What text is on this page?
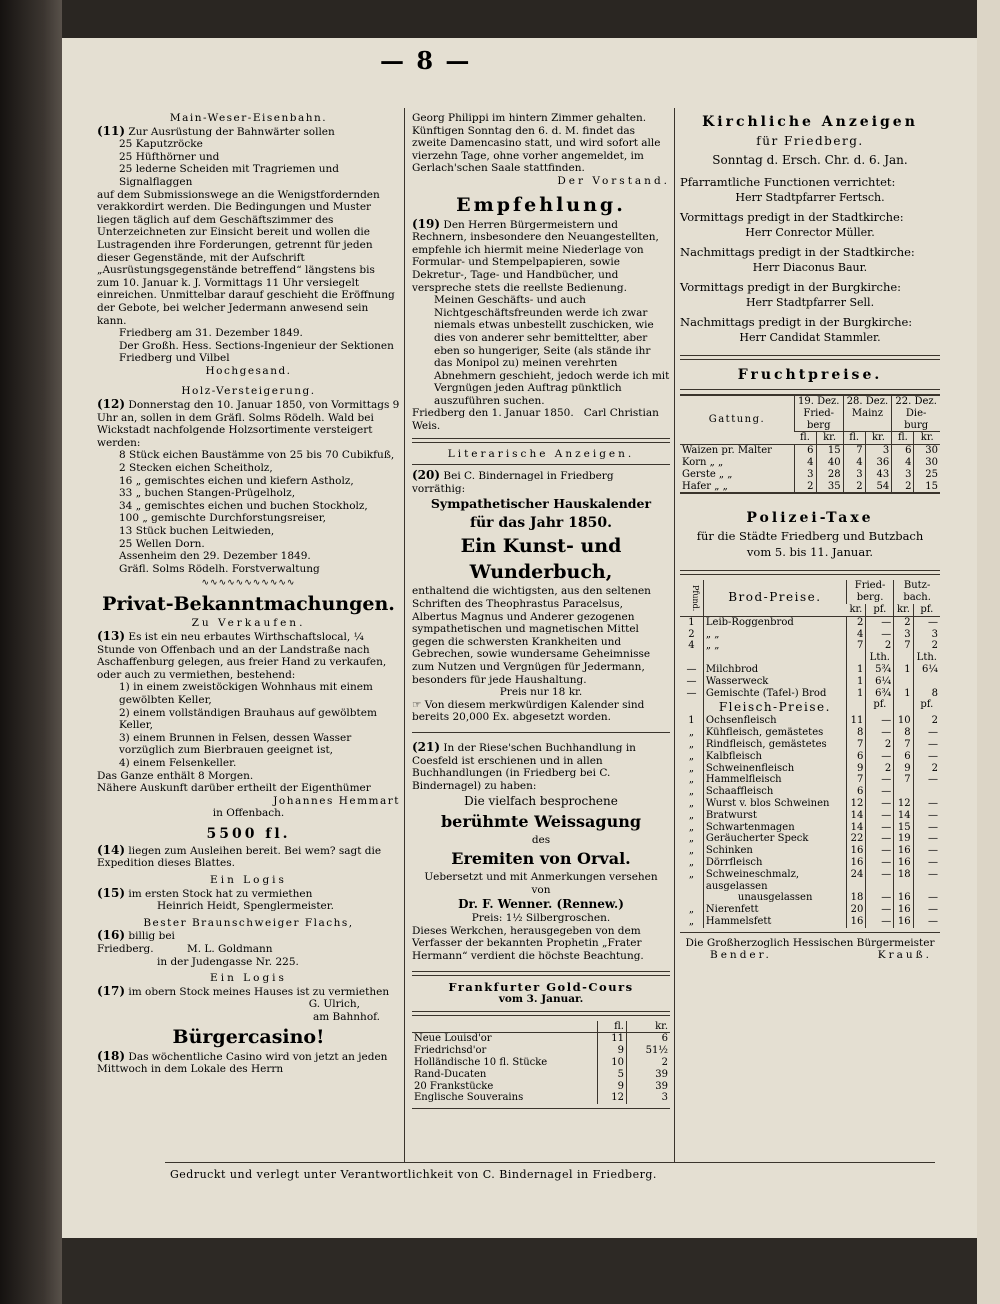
— 8 —

Main-Weser-Eisenbahn.

(11) Zur Ausrüstung der Bahnwärter sollen

25 Kaputzröcke

25 Hüfthörner und

25 lederne Scheiden mit Tragriemen und Signalflaggen

auf dem Submissionswege an die Wenigstfordernden verakkordirt werden. Die Bedingungen und Muster liegen täglich auf dem Geschäftszimmer des Unterzeichneten zur Einsicht bereit und wollen die Lustragenden ihre Forderungen, getrennt für jeden dieser Gegenstände, mit der Aufschrift „Ausrüstungsgegenstände betreffend“ längstens bis zum 10. Januar k. J. Vormittags 11 Uhr versiegelt einreichen. Unmittelbar darauf geschieht die Eröffnung der Gebote, bei welcher Jedermann anwesend sein kann.

Friedberg am 31. Dezember 1849.

Der Großh. Hess. Sections-Ingenieur der Sektionen Friedberg und Vilbel

Hochgesand.

Holz-Versteigerung.

(12) Donnerstag den 10. Januar 1850, von Vormittags 9 Uhr an, sollen in dem Gräfl. Solms Rödelh. Wald bei Wickstadt nachfolgende Holzsortimente versteigert werden:

8 Stück eichen Baustämme von 25 bis 70 Cubikfuß,

2 Stecken eichen Scheitholz,

16 „ gemischtes eichen und kiefern Astholz,

33 „ buchen Stangen-Prügelholz,

34 „ gemischtes eichen und buchen Stockholz,

100 „ gemischte Durchforstungsreiser,

13 Stück buchen Leitwieden,

25 Wellen Dorn.

Assenheim den 29. Dezember 1849.

Gräfl. Solms Rödelh. Forstverwaltung

∿∿∿∿∿∿∿∿∿∿∿

Privat-Bekanntmachungen.

Zu Verkaufen.

(13) Es ist ein neu erbautes Wirthschaftslocal, ¼ Stunde von Offenbach und an der Landstraße nach Aschaffenburg gelegen, aus freier Hand zu verkaufen, oder auch zu vermiethen, bestehend:

1) in einem zweistöckigen Wohnhaus mit einem gewölbten Keller,

2) einem vollständigen Brauhaus auf gewölbtem Keller,

3) einem Brunnen in Felsen, dessen Wasser vorzüglich zum Bierbrauen geeignet ist,

4) einem Felsenkeller.

Das Ganze enthält 8 Morgen.

Nähere Auskunft darüber ertheilt der Eigenthümer

Johannes Hemmart

in Offenbach.

5500 fl.

(14) liegen zum Ausleihen bereit. Bei wem? sagt die Expedition dieses Blattes.

Ein Logis

(15) im ersten Stock hat zu vermiethen

Heinrich Heidt, Spenglermeister.

Bester Braunschweiger Flachs,

(16) billig bei

Friedberg.	M. L. Goldmann

in der Judengasse Nr. 225.

Ein Logis

(17) im obern Stock meines Hauses ist zu vermiethen

G. Ulrich,

am Bahnhof.

Bürgercasino!

(18) Das wöchentliche Casino wird von jetzt an jeden Mittwoch in dem Lokale des Herrn

Georg Philippi im hintern Zimmer gehalten. Künftigen Sonntag den 6. d. M. findet das zweite Damencasino statt, und wird sofort alle vierzehn Tage, ohne vorher angemeldet, im Gerlach'schen Saale stattfinden.

Der Vorstand.

Empfehlung.

(19) Den Herren Bürgermeistern und Rechnern, insbesondere den Neuangestellten, empfehle ich hiermit meine Niederlage von Formular- und Stempelpapieren, sowie Dekretur-, Tage- und Handbücher, und verspreche stets die reellste Bedienung.

Meinen Geschäfts- und auch Nichtgeschäftsfreunden werde ich zwar niemals etwas unbestellt zuschicken, wie dies von anderer sehr bemitteltter, aber eben so hungeriger, Seite (als stände ihr das Monipol zu) meinen verehrten Abnehmern geschieht, jedoch werde ich mit Vergnügen jeden Auftrag pünktlich auszuführen suchen.

Friedberg den 1. Januar 1850. Carl Christian Weis.

Literarische Anzeigen.

(20) Bei C. Bindernagel in Friedberg vorräthig:

Sympathetischer Hauskalender

für das Jahr 1850.

Ein Kunst- und Wunderbuch,

enthaltend die wichtigsten, aus den seltenen Schriften des Theophrastus Paracelsus, Albertus Magnus und Anderer gezogenen sympathetischen und magnetischen Mittel gegen die schwersten Krankheiten und Gebrechen, sowie wundersame Geheimnisse zum Nutzen und Vergnügen für Jedermann, besonders für jede Haushaltung.

Preis nur 18 kr.

☞ Von diesem merkwürdigen Kalender sind bereits 20,000 Ex. abgesetzt worden.

(21) In der Riese'schen Buchhandlung in Coesfeld ist erschienen und in allen Buchhandlungen (in Friedberg bei C. Bindernagel) zu haben:

Die vielfach besprochene

berühmte Weissagung

des

Eremiten von Orval.

Uebersetzt und mit Anmerkungen versehen

von

Dr. F. Wenner. (Rennew.)

Preis: 1½ Silbergroschen.

Dieses Werkchen, herausgegeben von dem Verfasser der bekannten Prophetin „Frater Hermann“ verdient die höchste Beachtung.

Frankfurter Gold-Cours

vom 3. Januar.

	fl.	kr.
Neue Louisd'or	11	6
Friedrichsd'or	9	51½
Holländische 10 fl. Stücke	10	2
Rand-Ducaten	5	39
20 Frankstücke	9	39
Englische Souverains	12	3

Kirchliche Anzeigen

für Friedberg.

Sonntag d. Ersch. Chr. d. 6. Jan.

Pfarramtliche Functionen verrichtet:

Herr Stadtpfarrer Fertsch.

Vormittags predigt in der Stadtkirche:

Herr Conrector Müller.

Nachmittags predigt in der Stadtkirche:

Herr Diaconus Baur.

Vormittags predigt in der Burgkirche:

Herr Stadtpfarrer Sell.

Nachmittags predigt in der Burgkirche:

Herr Candidat Stammler.

Fruchtpreise.

Gattung.	19. Dez.
Fried-
berg		28. Dez.
Mainz		22. Dez.
Die-
burg	
	fl.	kr.	fl.	kr.	fl.	kr.
Waizen pr. Malter	6	15	7	3	6	30
Korn „ „	4	40	4	36	4	30
Gerste „ „	3	28	3	43	3	25
Hafer „ „	2	35	2	54	2	15

Polizei-Taxe

für die Städte Friedberg und Butzbach

vom 5. bis 11. Januar.

Pfund.	Brod-Preise.	Fried-berg.		Butz-bach.	
		kr.	pf.	kr.	pf.
1	Leib-Roggenbrod	2	—	2	—
2	„ „	4	—	3	3
4	„ „	7	2	7	2
			Lth.		Lth.
—	Milchbrod	1	5¾	1	6¼
—	Wasserweck	1	6¼		
—	Gemischte (Tafel-) Brod	1	6¾	1	8
	Fleisch-Preise.		pf.		pf.
1	Ochsenfleisch	11	—	10	2
„	Kühfleisch, gemästetes	8	—	8	—
„	Rindfleisch, gemästetes	7	2	7	—
„	Kalbfleisch	6	—	6	—
„	Schweinenfleisch	9	2	9	2
„	Hammelfleisch	7	—	7	—
„	Schaaffleisch	6	—		
„	Wurst v. blos Schweinen	12	—	12	—
„	Bratwurst	14	—	14	—
„	Schwartenmagen	14	—	15	—
„	Geräucherter Speck	22	—	19	—
„	Schinken	16	—	16	—
„	Dörrfleisch	16	—	16	—
„	Schweineschmalz, ausgelassen	24	—	18	—
	unausgelassen	18	—	16	—
„	Nierenfett	20	—	16	—
„	Hammelsfett	16	—	16	—

Die Großherzoglich Hessischen Bürgermeister

Bender.	Krauß.

Gedruckt und verlegt unter Verantwortlichkeit von C. Bindernagel in Friedberg.
